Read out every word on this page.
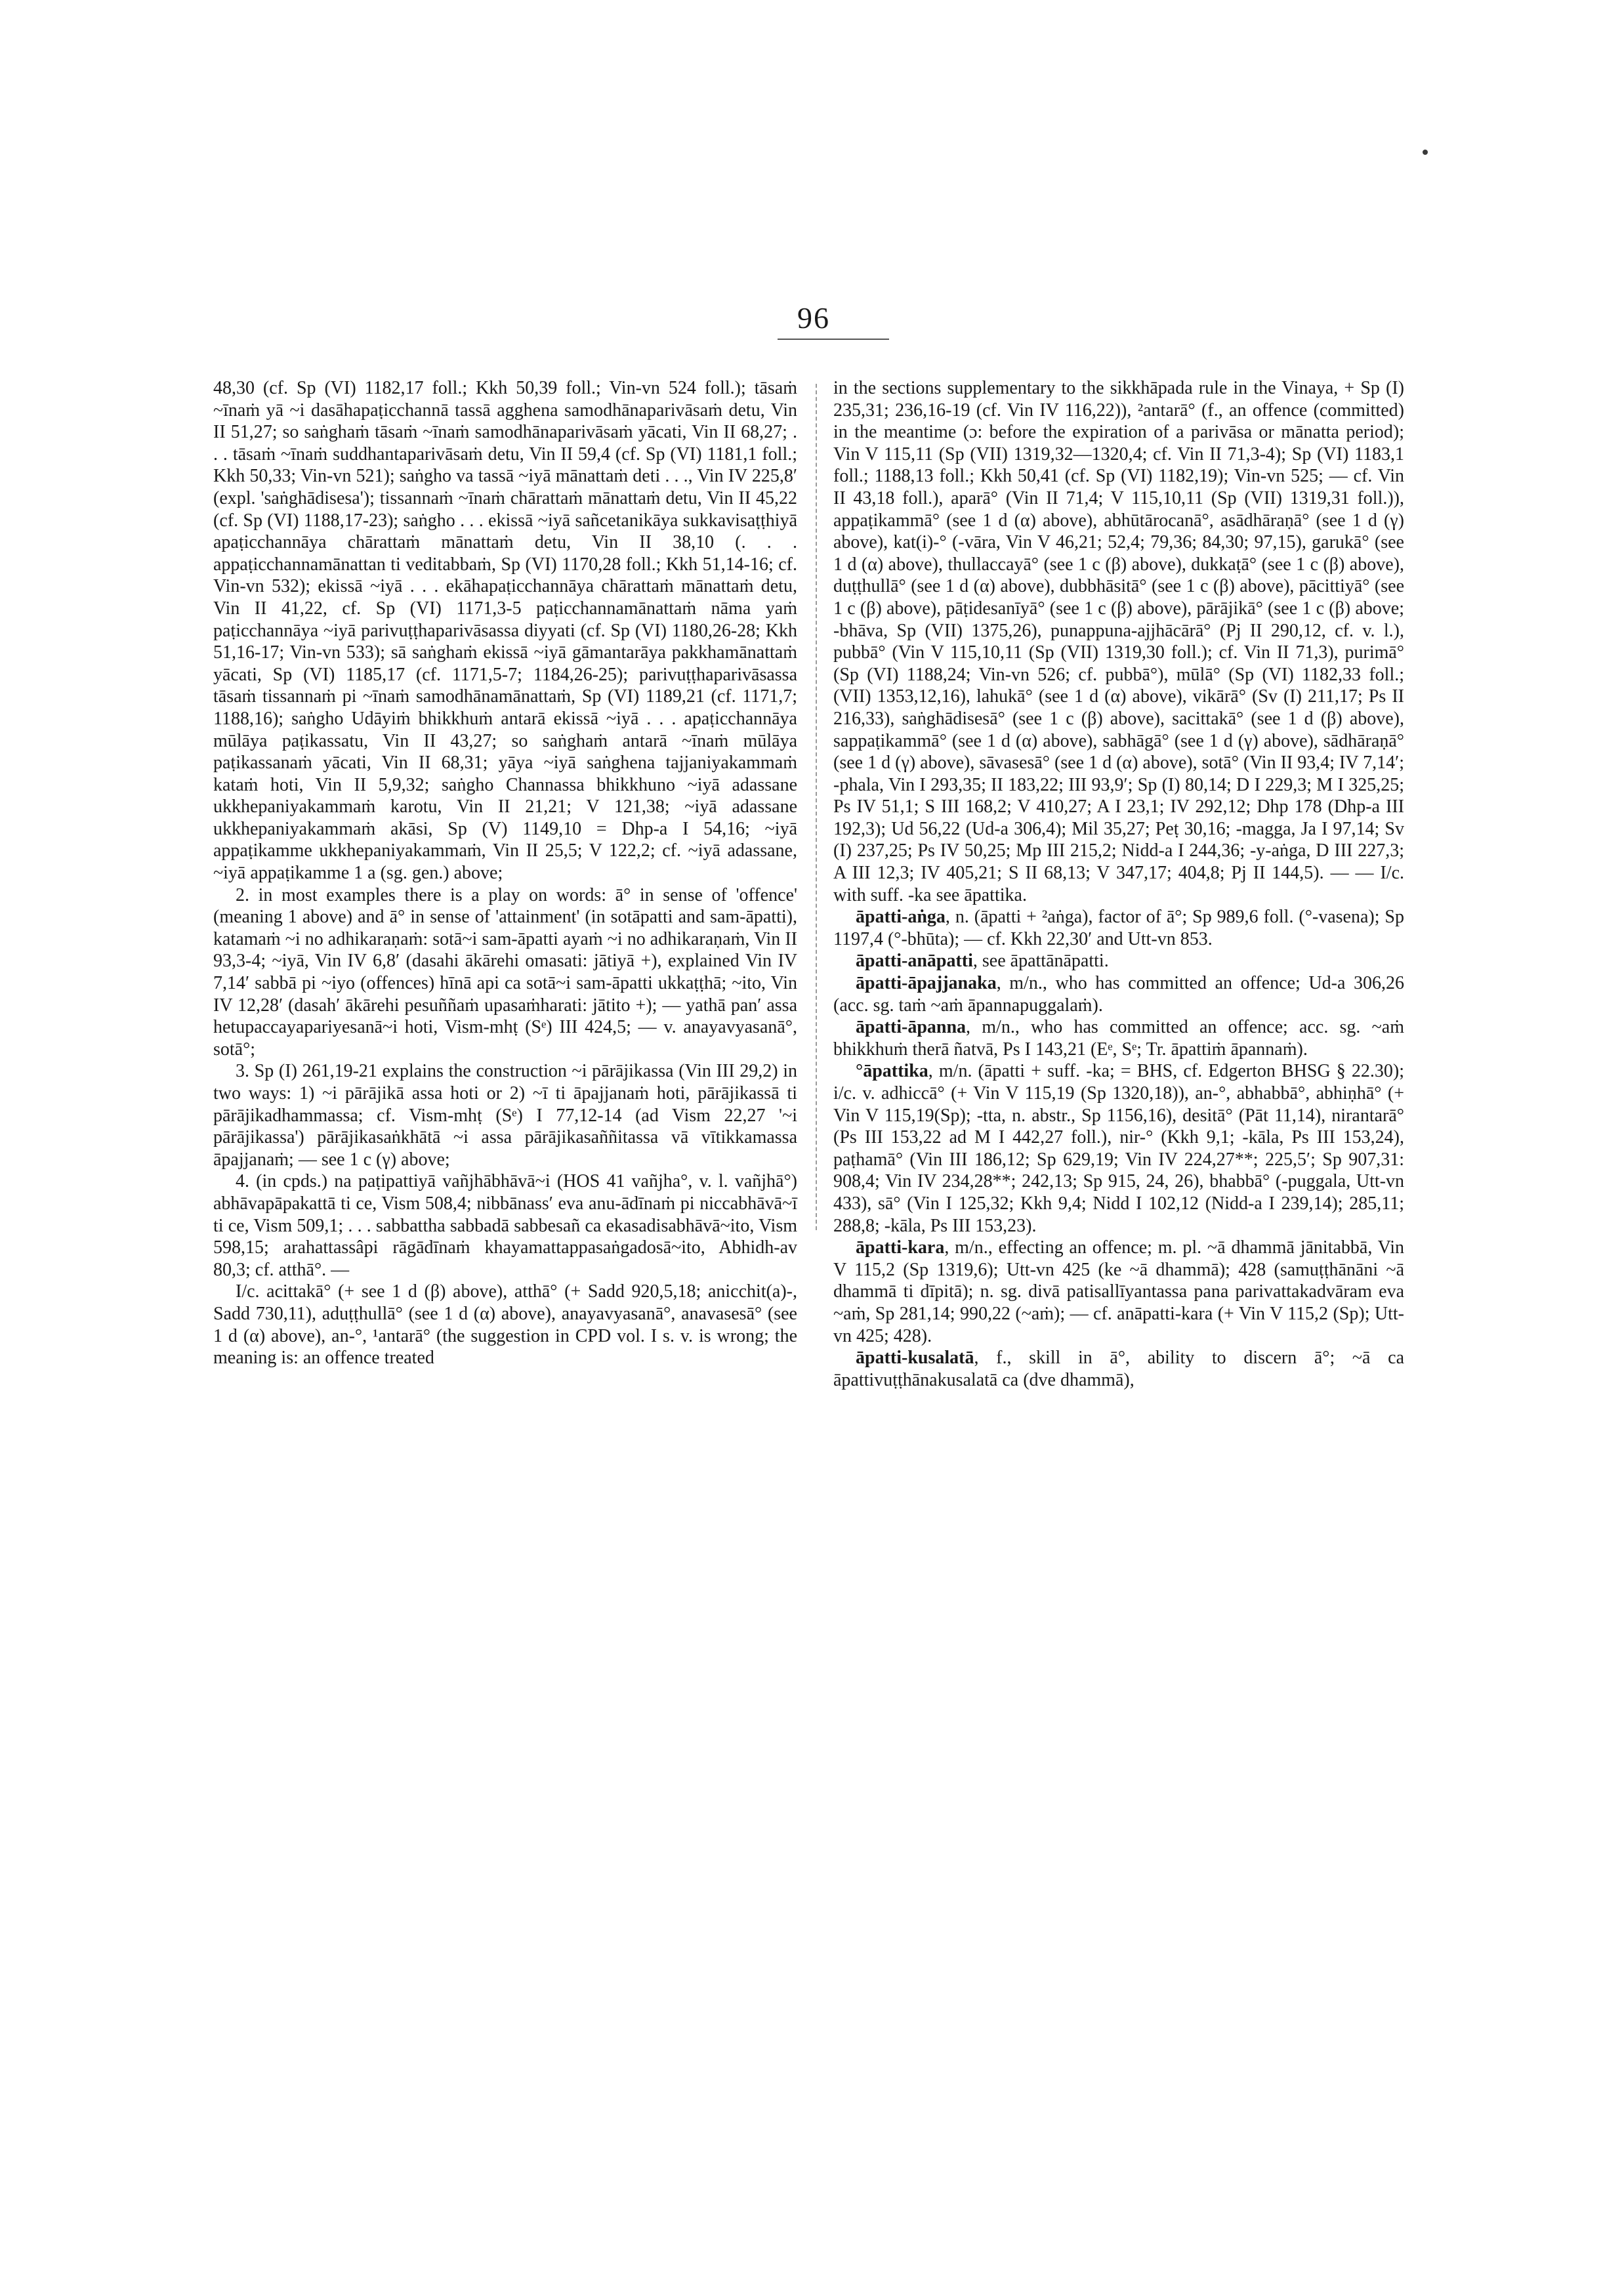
96

48,30 (cf. Sp (VI) 1182,17 foll.; Kkh 50,39 foll.; Vin-vn 524 foll.); tāsaṁ ~īnaṁ yā ~i dasāhapaṭicchannā tassā agghena samodhānaparivāsaṁ detu, Vin II 51,27; so saṅghaṁ tāsaṁ ~īnaṁ samodhānaparivāsaṁ yācati, Vin II 68,27; . . . tāsaṁ ~īnaṁ suddhantaparivāsaṁ detu, Vin II 59,4 (cf. Sp (VI) 1181,1 foll.; Kkh 50,33; Vin-vn 521); saṅgho va tassā ~iyā mānattaṁ deti . . ., Vin IV 225,8′ (expl. 'saṅghādisesa'); tissannaṁ ~īnaṁ chārattaṁ mānattaṁ detu, Vin II 45,22 (cf. Sp (VI) 1188,17-23); saṅgho . . . ekissā ~iyā sañcetanikāya sukkavisaṭṭhiyā apaṭicchannāya chārattaṁ mānattaṁ detu, Vin II 38,10 (. . . appaṭicchannamānattan ti veditabbaṁ, Sp (VI) 1170,28 foll.; Kkh 51,14-16; cf. Vin-vn 532); ekissā ~iyā . . . ekāhapaṭicchannāya chārattaṁ mānattaṁ detu, Vin II 41,22, cf. Sp (VI) 1171,3-5 paṭicchannamānattaṁ nāma yaṁ paṭicchannāya ~iyā parivuṭṭhaparivāsassa diyyati (cf. Sp (VI) 1180,26-28; Kkh 51,16-17; Vin-vn 533); sā saṅghaṁ ekissā ~iyā gāmantarāya pakkhamānattaṁ yācati, Sp (VI) 1185,17 (cf. 1171,5-7; 1184,26-25); parivuṭṭhaparivāsassa tāsaṁ tissannaṁ pi ~īnaṁ samodhānamānattaṁ, Sp (VI) 1189,21 (cf. 1171,7; 1188,16); saṅgho Udāyiṁ bhikkhuṁ antarā ekissā ~iyā . . . apaṭicchannāya mūlāya paṭikassatu, Vin II 43,27; so saṅghaṁ antarā ~īnaṁ mūlāya paṭikassanaṁ yācati, Vin II 68,31; yāya ~iyā saṅghena tajjaniyakammaṁ kataṁ hoti, Vin II 5,9,32; saṅgho Channassa bhikkhuno ~iyā adassane ukkhepaniyakammaṁ karotu, Vin II 21,21; V 121,38; ~iyā adassane ukkhepaniyakammaṁ akāsi, Sp (V) 1149,10 = Dhp-a I 54,16; ~iyā appaṭikamme ukkhepaniyakammaṁ, Vin II 25,5; V 122,2; cf. ~iyā adassane, ~iyā appaṭikamme 1 a (sg. gen.) above;

2. in most examples there is a play on words: ā° in sense of 'offence' (meaning 1 above) and ā° in sense of 'attainment' (in sotāpatti and sam-āpatti), katamaṁ ~i no adhikaraṇaṁ: sotā~i sam-āpatti ayaṁ ~i no adhikaraṇaṁ, Vin II 93,3-4; ~iyā, Vin IV 6,8′ (dasahi ākārehi omasati: jātiyā +), explained Vin IV 7,14′ sabbā pi ~iyo (offences) hīnā api ca sotā~i sam-āpatti ukkaṭṭhā; ~ito, Vin IV 12,28′ (dasah′ ākārehi pesuññaṁ upasaṁharati: jātito +); — yathā pan′ assa hetupaccayapariyesanā~i hoti, Vism-mhṭ (Sᵉ) III 424,5; — v. anayavyasanā°, sotā°;

3. Sp (I) 261,19-21 explains the construction ~i pārājikassa (Vin III 29,2) in two ways: 1) ~i pārājikā assa hoti or 2) ~ī ti āpajjanaṁ hoti, pārājikassā ti pārājikadhammassa; cf. Vism-mhṭ (Sᵉ) I 77,12-14 (ad Vism 22,27 '~i pārājikassa') pārājikasaṅkhātā ~i assa pārājikasaññitassa vā vītikkamassa āpajjanaṁ; — see 1 c (γ) above;

4. (in cpds.) na paṭipattiyā vañjhābhāvā~i (HOS 41 vañjha°, v. l. vañjhā°) abhāvapāpakattā ti ce, Vism 508,4; nibbānass′ eva anu-ādīnaṁ pi niccabhāvā~ī ti ce, Vism 509,1; . . . sabbattha sabbadā sabbesañ ca ekasadisabhāvā~ito, Vism 598,15; arahattassâpi rāgādīnaṁ khayamattappasaṅgadosā~ito, Abhidh-av 80,3; cf. atthā°. —

I/c. acittakā° (+ see 1 d (β) above), atthā° (+ Sadd 920,5,18; anicchit(a)-, Sadd 730,11), aduṭṭhullā° (see 1 d (α) above), anayavyasanā°, anavasesā° (see 1 d (α) above), an-°, ¹antarā° (the suggestion in CPD vol. I s. v. is wrong; the meaning is: an offence treated

in the sections supplementary to the sikkhāpada rule in the Vinaya, + Sp (I) 235,31; 236,16-19 (cf. Vin IV 116,22)), ²antarā° (f., an offence (committed) in the meantime (ɔ: before the expiration of a parivāsa or mānatta period); Vin V 115,11 (Sp (VII) 1319,32—1320,4; cf. Vin II 71,3-4); Sp (VI) 1183,1 foll.; 1188,13 foll.; Kkh 50,41 (cf. Sp (VI) 1182,19); Vin-vn 525; — cf. Vin II 43,18 foll.), aparā° (Vin II 71,4; V 115,10,11 (Sp (VII) 1319,31 foll.)), appaṭikammā° (see 1 d (α) above), abhūtārocanā°, asādhāraṇā° (see 1 d (γ) above), kat(i)-° (-vāra, Vin V 46,21; 52,4; 79,36; 84,30; 97,15), garukā° (see 1 d (α) above), thullaccayā° (see 1 c (β) above), dukkaṭā° (see 1 c (β) above), duṭṭhullā° (see 1 d (α) above), dubbhāsitā° (see 1 c (β) above), pācittiyā° (see 1 c (β) above), pāṭidesanīyā° (see 1 c (β) above), pārājikā° (see 1 c (β) above; -bhāva, Sp (VII) 1375,26), punappuna-ajjhācārā° (Pj II 290,12, cf. v. l.), pubbā° (Vin V 115,10,11 (Sp (VII) 1319,30 foll.); cf. Vin II 71,3), purimā° (Sp (VI) 1188,24; Vin-vn 526; cf. pubbā°), mūlā° (Sp (VI) 1182,33 foll.; (VII) 1353,12,16), lahukā° (see 1 d (α) above), vikārā° (Sv (I) 211,17; Ps II 216,33), saṅghādisesā° (see 1 c (β) above), sacittakā° (see 1 d (β) above), sappaṭikammā° (see 1 d (α) above), sabhāgā° (see 1 d (γ) above), sādhāraṇā° (see 1 d (γ) above), sāvasesā° (see 1 d (α) above), sotā° (Vin II 93,4; IV 7,14′; -phala, Vin I 293,35; II 183,22; III 93,9′; Sp (I) 80,14; D I 229,3; M I 325,25; Ps IV 51,1; S III 168,2; V 410,27; A I 23,1; IV 292,12; Dhp 178 (Dhp-a III 192,3); Ud 56,22 (Ud-a 306,4); Mil 35,27; Peṭ 30,16; -magga, Ja I 97,14; Sv (I) 237,25; Ps IV 50,25; Mp III 215,2; Nidd-a I 244,36; -y-aṅga, D III 227,3; A III 12,3; IV 405,21; S II 68,13; V 347,17; 404,8; Pj II 144,5). — — I/c. with suff. -ka see āpattika.

āpatti-aṅga, n. (āpatti + ²aṅga), factor of ā°; Sp 989,6 foll. (°-vasena); Sp 1197,4 (°-bhūta); — cf. Kkh 22,30′ and Utt-vn 853.

āpatti-anāpatti, see āpattānāpatti.

āpatti-āpajjanaka, m/n., who has committed an offence; Ud-a 306,26 (acc. sg. taṁ ~aṁ āpannapuggalaṁ).

āpatti-āpanna, m/n., who has committed an offence; acc. sg. ~aṁ bhikkhuṁ therā ñatvā, Ps I 143,21 (Eᵉ, Sᵉ; Tr. āpattiṁ āpannaṁ).

°āpattika, m/n. (āpatti + suff. -ka; = BHS, cf. Edgerton BHSG § 22.30); i/c. v. adhiccā° (+ Vin V 115,19 (Sp 1320,18)), an-°, abhabbā°, abhiṇhā° (+ Vin V 115,19(Sp); -tta, n. abstr., Sp 1156,16), desitā° (Pāt 11,14), nirantarā° (Ps III 153,22 ad M I 442,27 foll.), nir-° (Kkh 9,1; -kāla, Ps III 153,24), paṭhamā° (Vin III 186,12; Sp 629,19; Vin IV 224,27**; 225,5′; Sp 907,31: 908,4; Vin IV 234,28**; 242,13; Sp 915, 24, 26), bhabbā° (-puggala, Utt-vn 433), sā° (Vin I 125,32; Kkh 9,4; Nidd I 102,12 (Nidd-a I 239,14); 285,11; 288,8; -kāla, Ps III 153,23).

āpatti-kara, m/n., effecting an offence; m. pl. ~ā dhammā jānitabbā, Vin V 115,2 (Sp 1319,6); Utt-vn 425 (ke ~ā dhammā); 428 (samuṭṭhānāni ~ā dhammā ti dīpitā); n. sg. divā patisallīyantassa pana parivattakadvāram eva ~aṁ, Sp 281,14; 990,22 (~aṁ); — cf. anāpatti-kara (+ Vin V 115,2 (Sp); Utt-vn 425; 428).

āpatti-kusalatā, f., skill in ā°, ability to discern ā°; ~ā ca āpattivuṭṭhānakusalatā ca (dve dhammā),
